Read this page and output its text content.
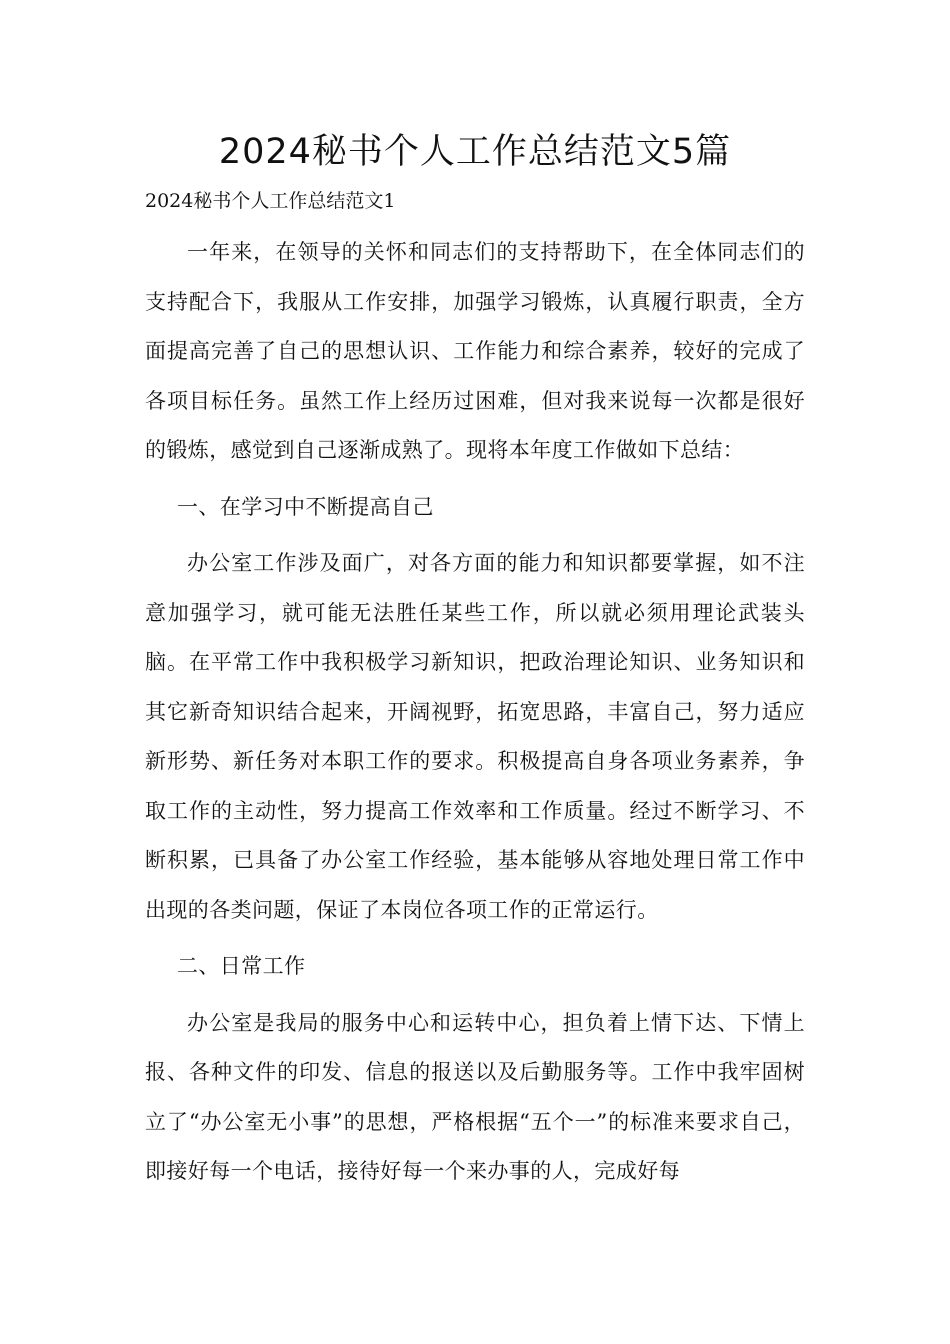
2024秘书个人工作总结范文5篇

2024秘书个人工作总结范文1

一年来，在领导的关怀和同志们的支持帮助下，在全体同志们的支持配合下，我服从工作安排，加强学习锻炼，认真履行职责，全方面提高完善了自己的思想认识、工作能力和综合素养，较好的完成了各项目标任务。虽然工作上经历过困难，但对我来说每一次都是很好的锻炼，感觉到自己逐渐成熟了。现将本年度工作做如下总结：

一、在学习中不断提高自己

办公室工作涉及面广，对各方面的能力和知识都要掌握，如不注意加强学习，就可能无法胜任某些工作，所以就必须用理论武装头脑。在平常工作中我积极学习新知识，把政治理论知识、业务知识和其它新奇知识结合起来，开阔视野，拓宽思路，丰富自己，努力适应新形势、新任务对本职工作的要求。积极提高自身各项业务素养，争取工作的主动性，努力提高工作效率和工作质量。经过不断学习、不断积累，已具备了办公室工作经验，基本能够从容地处理日常工作中出现的各类问题，保证了本岗位各项工作的正常运行。

二、日常工作

办公室是我局的服务中心和运转中心，担负着上情下达、下情上报、各种文件的印发、信息的报送以及后勤服务等。工作中我牢固树立了“办公室无小事”的思想，严格根据“五个一”的标准来要求自己，即接好每一个电话，接待好每一个来办事的人，完成好每
